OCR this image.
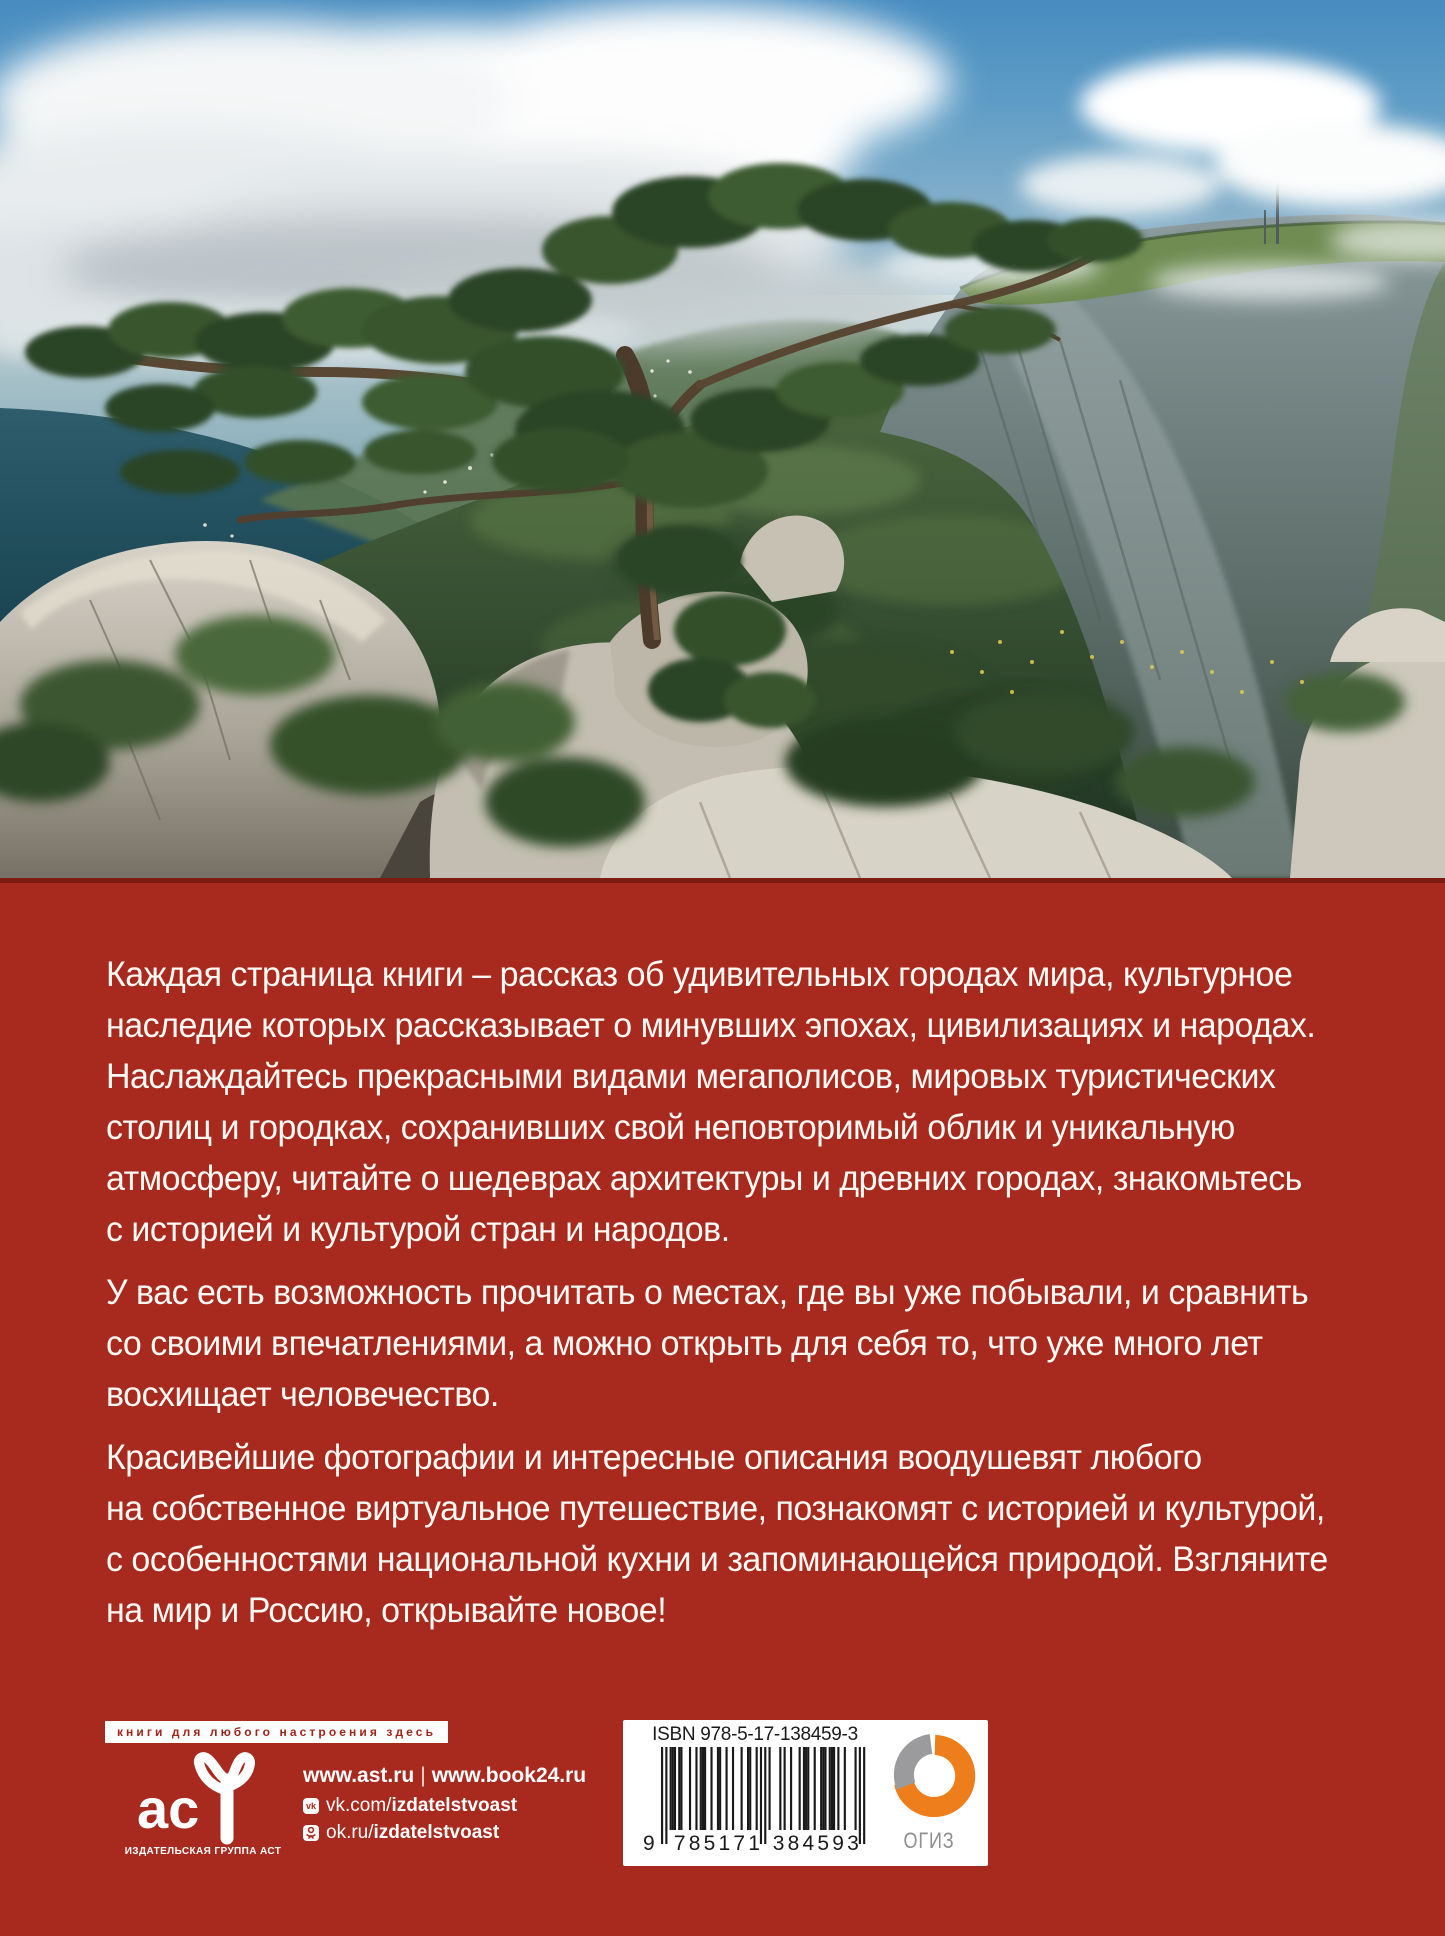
Каждая страница книги – рассказ об удивительных городах мира, культурное
наследие которых рассказывает о минувших эпохах, цивилизациях и народах.
Наслаждайтесь прекрасными видами мегаполисов, мировых туристических
столиц и городках, сохранивших свой неповторимый облик и уникальную
атмосферу, читайте о шедеврах архитектуры и древних городах, знакомьтесь
с историей и культурой стран и народов.
У вас есть возможность прочитать о местах, где вы уже побывали, и сравнить
со своими впечатлениями, а можно открыть для себя то, что уже много лет
восхищает человечество.
Красивейшие фотографии и интересные описания воодушевят любого
на собственное виртуальное путешествие, познакомят с историей и культурой,
с особенностями национальной кухни и запоминающейся природой. Взгляните
на мир и Россию, открывайте новое!
книги для любого настроения здесь
ас
ИЗДАТЕЛЬСКАЯ ГРУППА АСТ
www.ast.ru | www.book24.ru
vk vk.com/izdatelstvoast
ok.ru/izdatelstvoast
ISBN 978-5-17-138459-3
9 785171 384593	ОГИЗ
